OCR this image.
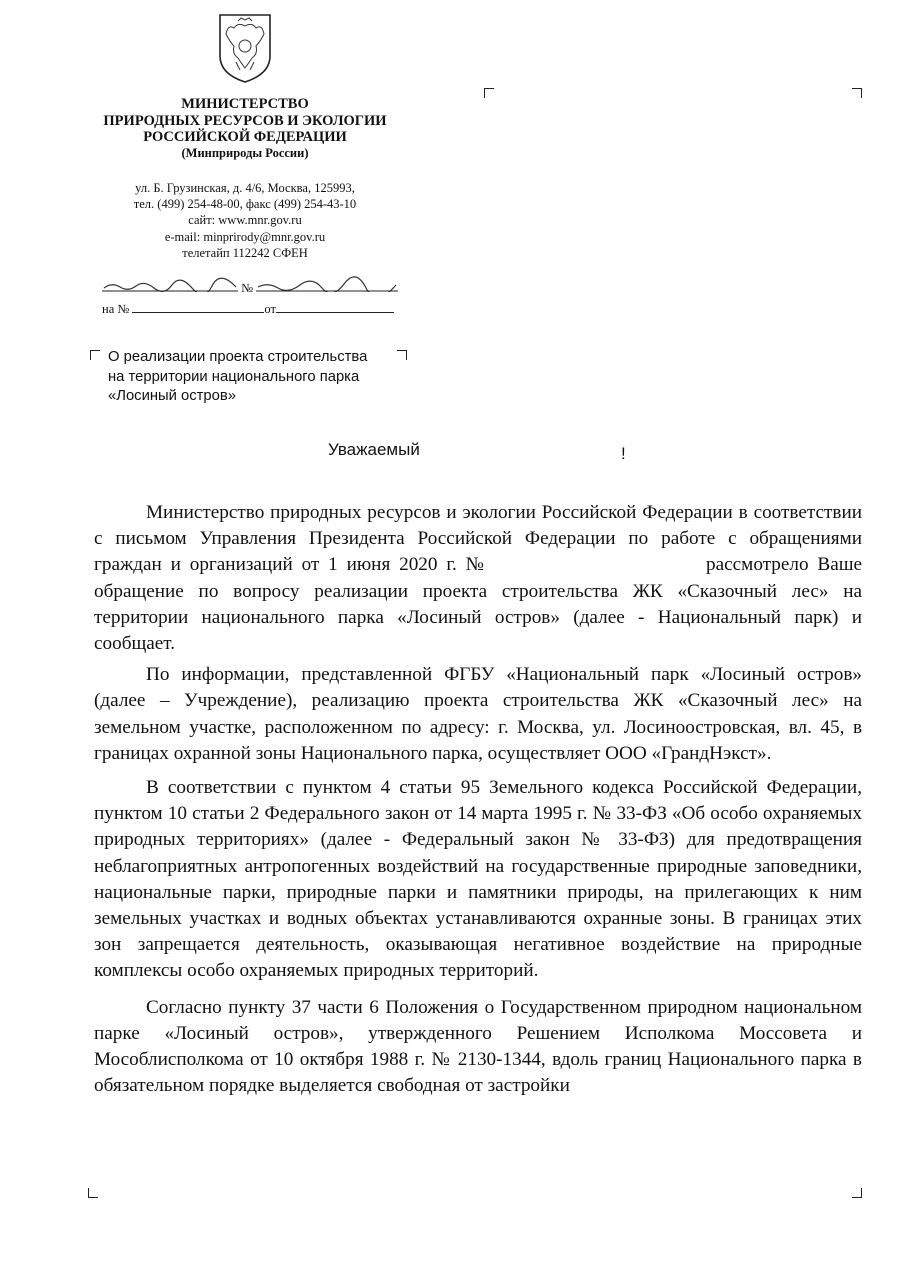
МИНИСТЕРСТВО
ПРИРОДНЫХ РЕСУРСОВ И ЭКОЛОГИИ
РОССИЙСКОЙ ФЕДЕРАЦИИ
(Минприроды России)
ул. Б. Грузинская, д. 4/6, Москва, 125993,
тел. (499) 254-48-00, факс (499) 254-43-10
сайт: www.mnr.gov.ru
e-mail: minprirody@mnr.gov.ru
телетайп 112242 СФЕН
№
на №	от
О реализации проекта строительства
на территории национального парка
«Лосиный остров»
Уважаемый	!

Министерство природных ресурсов и экологии Российской Федерации в соответствии с письмом Управления Президента Российской Федерации по работе с обращениями граждан и организаций от 1 июня 2020 г. №	рассмотрело Ваше обращение по вопросу реализации проекта строительства ЖК «Сказочный лес» на территории национального парка «Лосиный остров» (далее - Национальный парк) и сообщает.

По информации, представленной ФГБУ «Национальный парк «Лосиный остров» (далее – Учреждение), реализацию проекта строительства ЖК «Сказочный лес» на земельном участке, расположенном по адресу: г. Москва, ул. Лосиноостровская, вл. 45, в границах охранной зоны Национального парка, осуществляет ООО «ГрандНэкст».

В соответствии с пунктом 4 статьи 95 Земельного кодекса Российской Федерации, пунктом 10 статьи 2 Федерального закон от 14 марта 1995 г. № 33-ФЗ «Об особо охраняемых природных территориях» (далее - Федеральный закон № 33-ФЗ) для предотвращения неблагоприятных антропогенных воздействий на государственные природные заповедники, национальные парки, природные парки и памятники природы, на прилегающих к ним земельных участках и водных объектах устанавливаются охранные зоны. В границах этих зон запрещается деятельность, оказывающая негативное воздействие на природные комплексы особо охраняемых природных территорий.

Согласно пункту 37 части 6 Положения о Государственном природном национальном парке «Лосиный остров», утвержденного Решением Исполкома Моссовета и Мособлисполкома от 10 октября 1988 г. № 2130-1344, вдоль границ Национального парка в обязательном порядке выделяется свободная от застройки
